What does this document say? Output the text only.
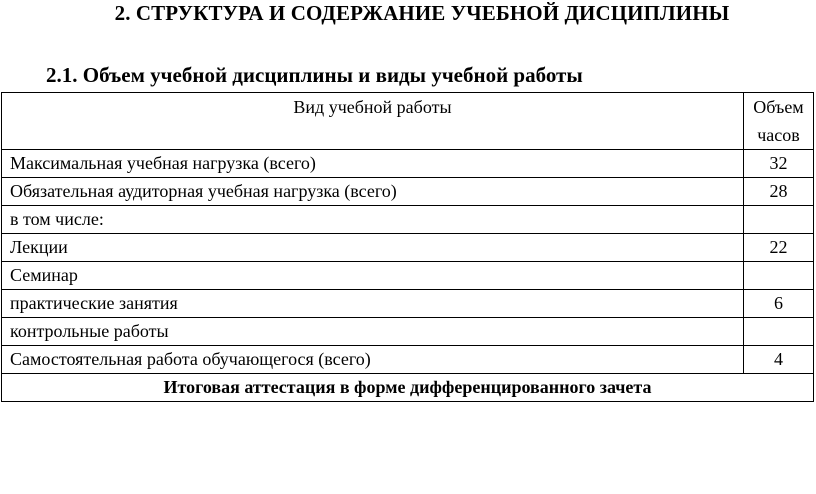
2. СТРУКТУРА И СОДЕРЖАНИЕ УЧЕБНОЙ ДИСЦИПЛИНЫ
2.1. Объем учебной дисциплины и виды учебной работы
Вид учебной работы	Объем
часов
Максимальная учебная нагрузка (всего)	32
Обязательная аудиторная учебная нагрузка (всего)	28
в том числе:	
Лекции	22
Семинар	
практические занятия	6
контрольные работы	
Самостоятельная работа обучающегося (всего)	4
Итоговая аттестация в форме дифференцированного зачета	
